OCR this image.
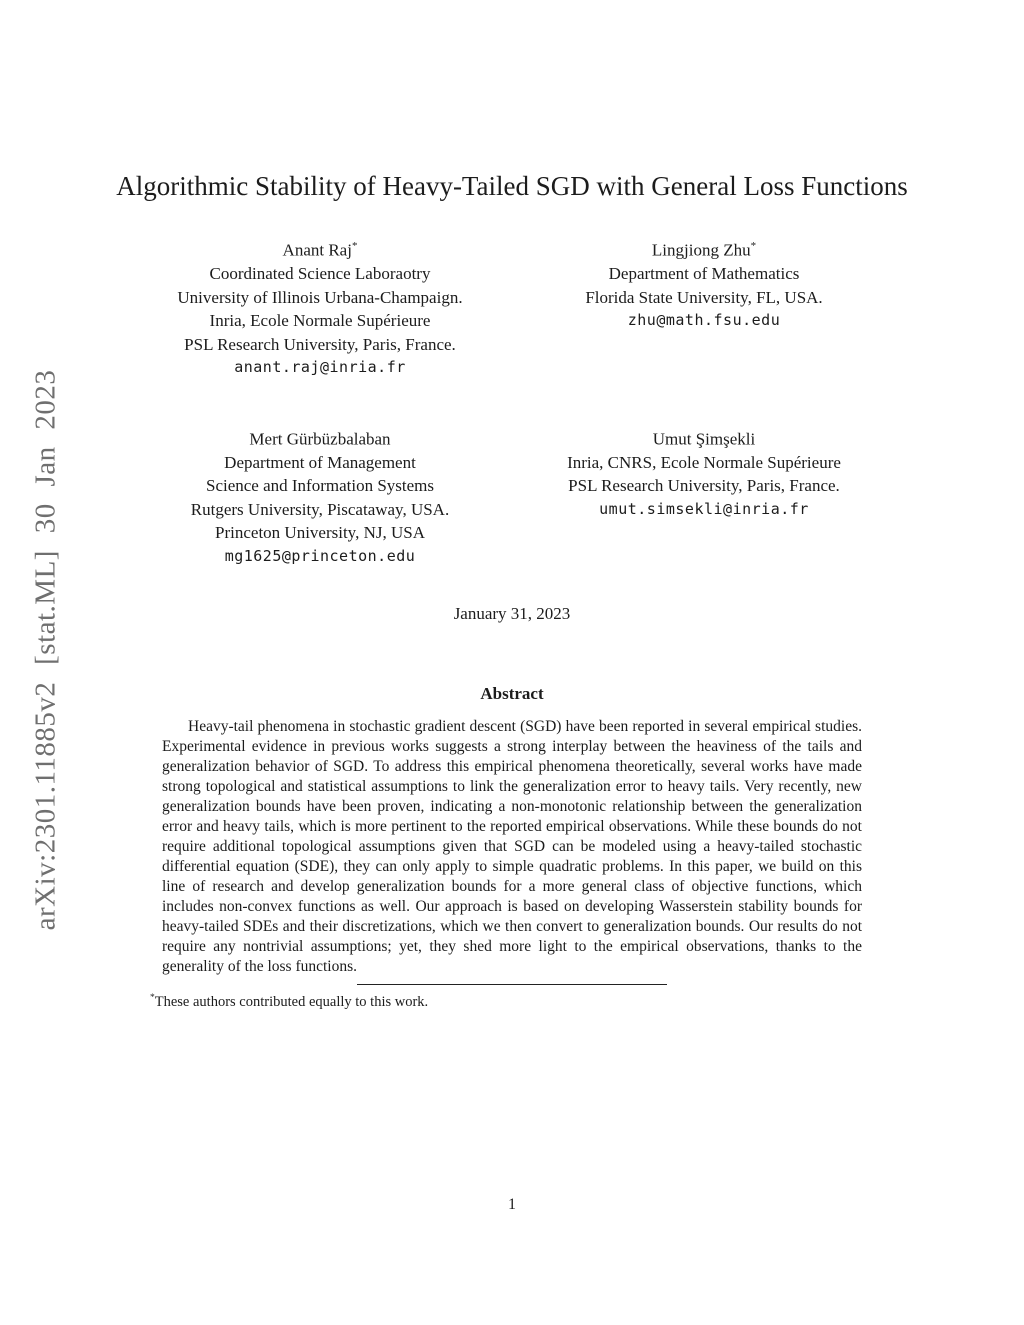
arXiv:2301.11885v2 [stat.ML] 30 Jan 2023
Algorithmic Stability of Heavy-Tailed SGD with General Loss Functions
Anant Raj*
Coordinated Science Laboraotry
University of Illinois Urbana-Champaign.
Inria, Ecole Normale Supérieure
PSL Research University, Paris, France.
anant.raj@inria.fr
Lingjiong Zhu*
Department of Mathematics
Florida State University, FL, USA.
zhu@math.fsu.edu
Mert Gürbüzbalaban
Department of Management
Science and Information Systems
Rutgers University, Piscataway, USA.
Princeton University, NJ, USA
mg1625@princeton.edu
Umut Şimşekli
Inria, CNRS, Ecole Normale Supérieure
PSL Research University, Paris, France.
umut.simsekli@inria.fr
January 31, 2023
Abstract

Heavy-tail phenomena in stochastic gradient descent (SGD) have been reported in several empirical studies. Experimental evidence in previous works suggests a strong interplay between the heaviness of the tails and generalization behavior of SGD. To address this empirical phenomena theoretically, several works have made strong topological and statistical assumptions to link the generalization error to heavy tails. Very recently, new generalization bounds have been proven, indicating a non-monotonic relationship between the generalization error and heavy tails, which is more pertinent to the reported empirical observations. While these bounds do not require additional topological assumptions given that SGD can be modeled using a heavy-tailed stochastic differential equation (SDE), they can only apply to simple quadratic problems. In this paper, we build on this line of research and develop generalization bounds for a more general class of objective functions, which includes non-convex functions as well. Our approach is based on developing Wasserstein stability bounds for heavy-tailed SDEs and their discretizations, which we then convert to generalization bounds. Our results do not require any nontrivial assumptions; yet, they shed more light to the empirical observations, thanks to the generality of the loss functions.

*These authors contributed equally to this work.
1
